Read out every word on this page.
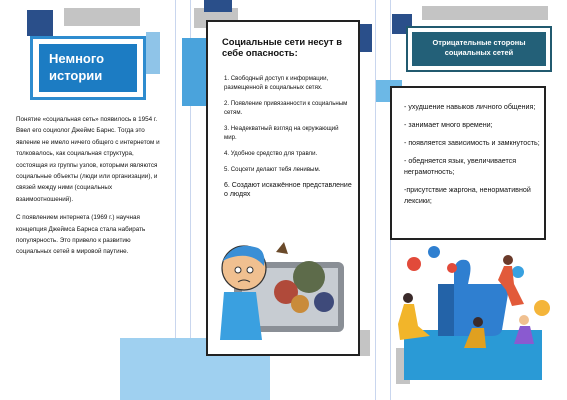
Немного истории

Понятие «социальная сеть» появилось в 1954 г. Ввел его социолог Джеймс Барнс. Тогда это явление не имело ничего общего с интернетом и толковалось, как социальная структура, состоящая из группы узлов, которыми являются социальные объекты (люди или организации), и связей между ними (социальных взаимоотношений).

С появлением интернета (1969 г.) научная концепция Джеймса Барнса стала набирать популярность. Это привело к развитию социальных сетей в мировой паутине.

Социальные сети несут в себе опасность:
1. Свободный доступ к информации, размещенной в социальных сетях.
2. Появление привязанности к социальным сетям.
3. Неадекватный взгляд на окружающий мир.
4. Удобное средство для травли.
5. Соцсети делают тебя ленивым.
6. Создают искажённое представление о людях
Отрицательные стороны социальных сетей
- ухудшение навыков личного общения;
- занимает много времени;
- появляется зависимость и замкнутость;
- обедняется язык, увеличивается неграмотность;
-присутствие жаргона, ненормативной лексики;
